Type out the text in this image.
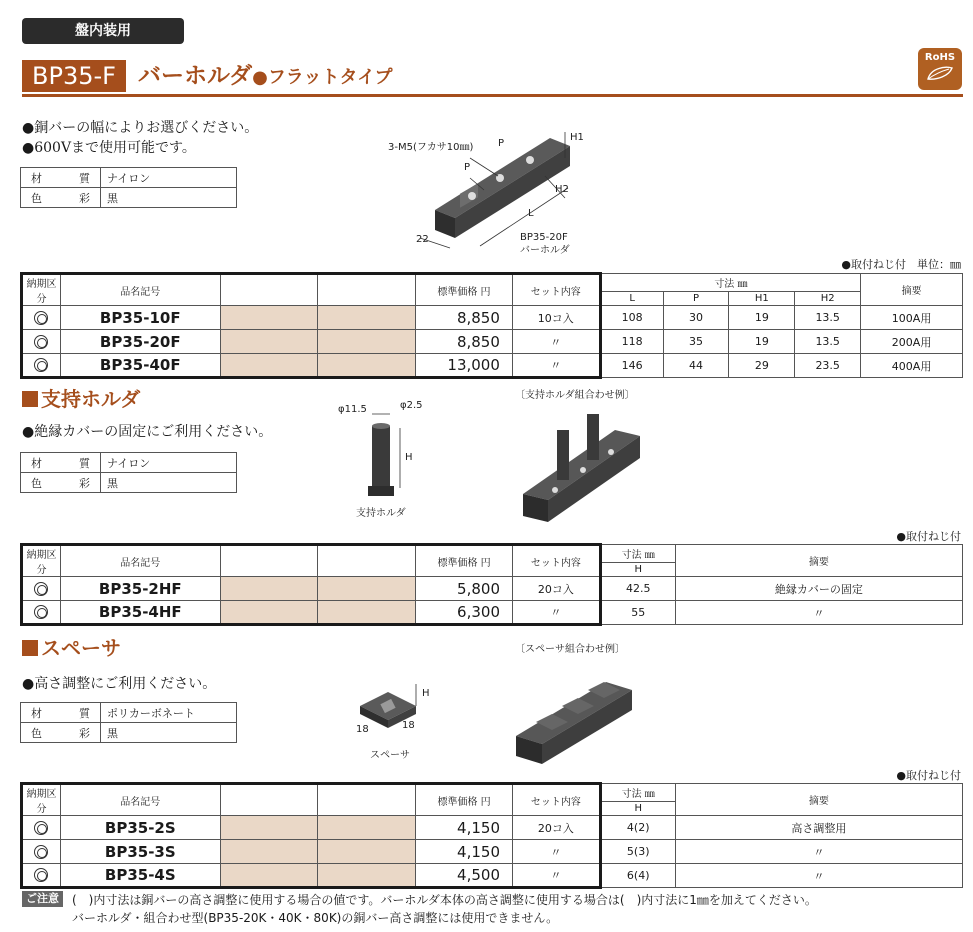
盤内装用
BP35-F バーホルダ●フラットタイプ
RoHS
●銅バーの幅によりお選びください。
●600Vまで使用可能です。
材質	ナイロン
色彩	黒
3-M5(フカサ10㎜) P
P
H1
H2
L
22	BP35-20F
バーホルダ
●取付ねじ付　単位：㎜
納期区分	品名記号			標準価格 円	セット内容	寸法 ㎜				摘要
						L	P	H1	H2	
	BP35-10F			8,850	10コ入	108	30	19	13.5	100A用
	BP35-20F			8,850	〃	118	35	19	13.5	200A用
	BP35-40F			13,000	〃	146	44	29	23.5	400A用
支持ホルダ
●絶縁カバーの固定にご利用ください。
材質	ナイロン
色彩	黒
φ11.5	φ2.5
H
支持ホルダ
〔支持ホルダ組合わせ例〕
●取付ねじ付
納期区分	品名記号			標準価格 円	セット内容	寸法 ㎜	摘要
						H	
	BP35-2HF			5,800	20コ入	42.5	絶縁カバーの固定
	BP35-4HF			6,300	〃	55	〃
スペーサ
●高さ調整にご利用ください。
材質	ポリカーボネート
色彩	黒
H
18	18
スペーサ
〔スペーサ組合わせ例〕
●取付ねじ付
納期区分	品名記号			標準価格 円	セット内容	寸法 ㎜	摘要
						H	
	BP35-2S			4,150	20コ入	4(2)	高さ調整用
	BP35-3S			4,150	〃	5(3)	〃
	BP35-4S			4,500	〃	6(4)	〃
ご注意	(　)内寸法は銅バーの高さ調整に使用する場合の値です。バーホルダ本体の高さ調整に使用する場合は(　)内寸法に1㎜を加えてください。
バーホルダ・組合わせ型(BP35-20K・40K・80K)の銅バー高さ調整には使用できません。
